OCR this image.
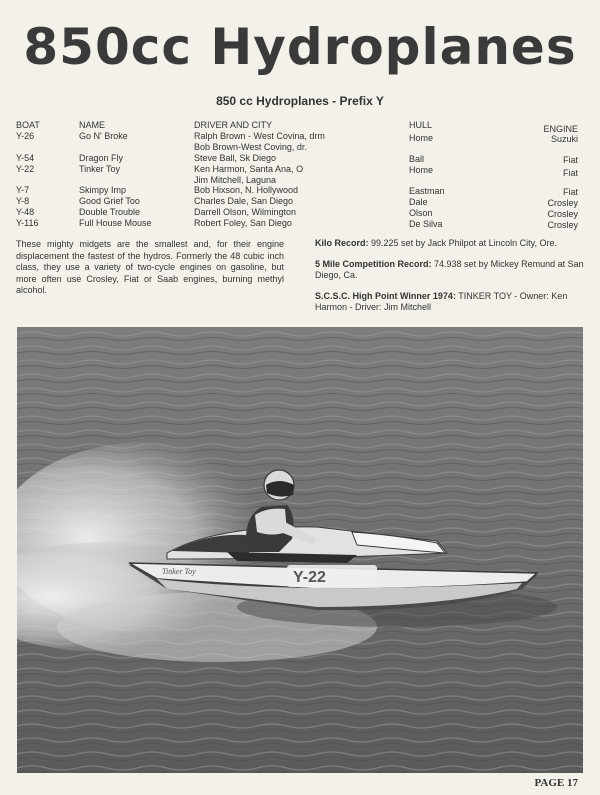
850cc Hydroplanes
850 cc Hydroplanes - Prefix Y
BOAT	NAME	DRIVER AND CITY	HULL	ENGINE
Y-26	Go N' Broke	Ralph Brown - West Covina, drm	Home	Suzuki
Bob Brown-West Coving, dr.
Y-54	Dragon Fly	Steve Ball, Sk Diego	Ball	Fiat
Y-22	Tinker Toy	Ken Harmon, Santa Ana, O	Home	Fiat
Jim Mitchell, Laguna
Y-7	Skimpy Imp	Bob Hixson, N. Hollywood	Eastman	Fiat
Y-8	Good Grief Too	Charles Dale, San Diego	Dale	Crosley
Y-48	Double Trouble	Darrell Olson, Wilmington	Olson	Crosley
Y-116	Full House Mouse	Robert Foley, San Diego	De Silva	Crosley
These mighty midgets are the smallest and, for their engine displacement the fastest of the hydros. Formerly the 48 cubic inch class, they use a variety of two-cycle engines on gasoline, but more often use Crosley, Fiat or Saab engines, burning methyl alcohol.
Kilo Record: 99.225 set by Jack Philpot at Lincoln City, Ore.
5 Mile Competition Record: 74.938 set by Mickey Remund at San Diego, Ca.
S.C.S.C. High Point Winner 1974: TINKER TOY - Owner: Ken Harmon - Driver: Jim Mitchell
Y-22
Tinker Toy
PAGE 17
